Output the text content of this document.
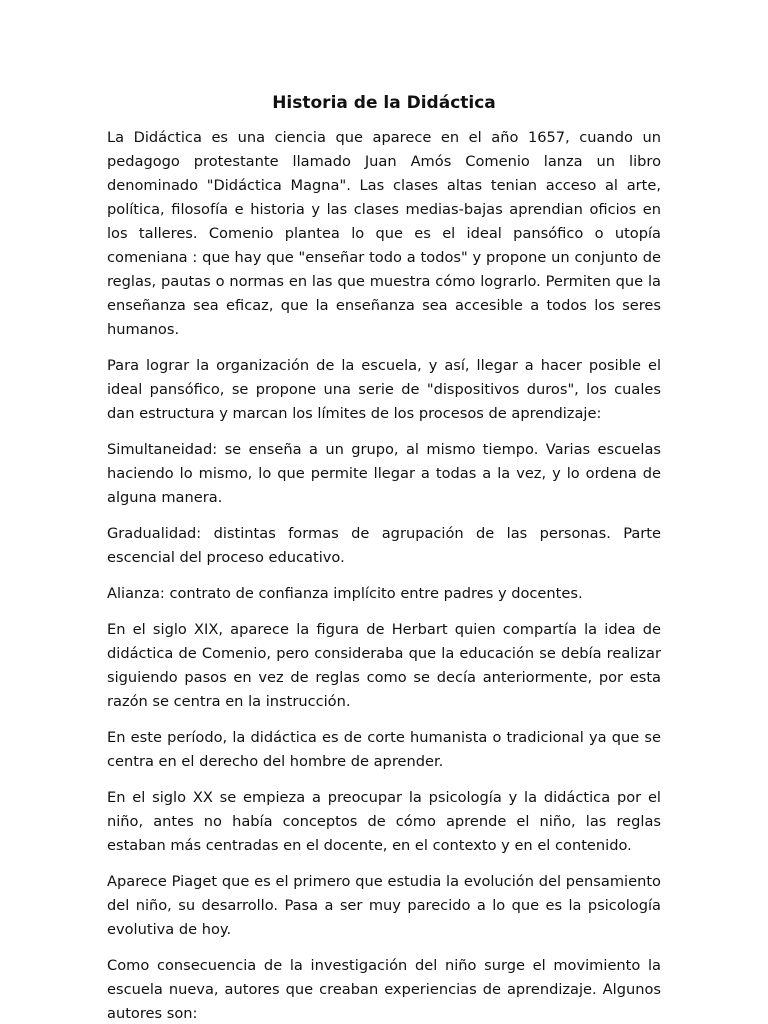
Historia de la Didáctica

La Didáctica es una ciencia que aparece en el año 1657, cuando un pedagogo protestante llamado Juan Amós Comenio lanza un libro denominado "Didáctica Magna". Las clases altas tenian acceso al arte, política, filosofía e historia y las clases medias-bajas aprendian oficios en los talleres. Comenio plantea lo que es el ideal pansófico o utopía comeniana : que hay que "enseñar todo a todos" y propone un conjunto de reglas, pautas o normas en las que muestra cómo lograrlo. Permiten que la enseñanza sea eficaz, que la enseñanza sea accesible a todos los seres humanos.

Para lograr la organización de la escuela, y así, llegar a hacer posible el ideal pansófico, se propone una serie de "dispositivos duros", los cuales dan estructura y marcan los límites de los procesos de aprendizaje:

Simultaneidad: se enseña a un grupo, al mismo tiempo. Varias escuelas haciendo lo mismo, lo que permite llegar a todas a la vez, y lo ordena de alguna manera.

Gradualidad: distintas formas de agrupación de las personas. Parte escencial del proceso educativo.

Alianza: contrato de confianza implícito entre padres y docentes.

En el siglo XIX, aparece la figura de Herbart quien compartía la idea de didáctica de Comenio, pero consideraba que la educación se debía realizar siguiendo pasos en vez de reglas como se decía anteriormente, por esta razón se centra en la instrucción.

En este período, la didáctica es de corte humanista o tradicional ya que se centra en el derecho del hombre de aprender.

En el siglo XX se empieza a preocupar la psicología y la didáctica por el niño, antes no había conceptos de cómo aprende el niño, las reglas estaban más centradas en el docente, en el contexto y en el contenido.

Aparece Piaget que es el primero que estudia la evolución del pensamiento del niño, su desarrollo. Pasa a ser muy parecido a lo que es la psicología evolutiva de hoy.

Como consecuencia de la investigación del niño surge el movimiento la escuela nueva, autores que creaban experiencias de aprendizaje. Algunos autores son:
